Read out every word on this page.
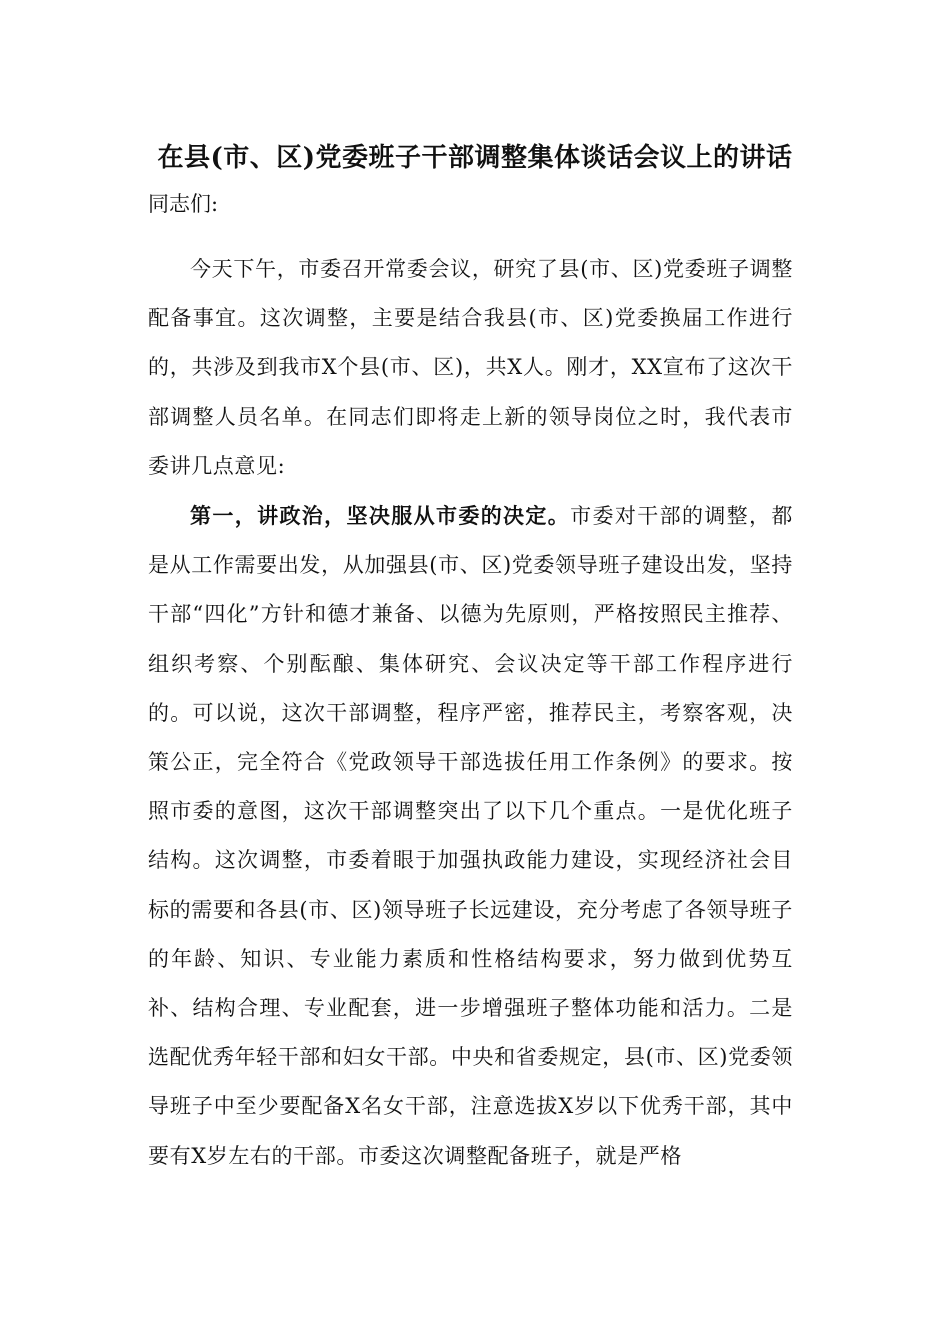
在县(市、区)党委班子干部调整集体谈话会议上的讲话

同志们:

今天下午，市委召开常委会议，研究了县(市、区)党委班子调整配备事宜。这次调整，主要是结合我县(市、区)党委换届工作进行的，共涉及到我市X个县(市、区)，共X人。刚才，XX宣布了这次干部调整人员名单。在同志们即将走上新的领导岗位之时，我代表市委讲几点意见:

第一，讲政治，坚决服从市委的决定。市委对干部的调整，都是从工作需要出发，从加强县(市、区)党委领导班子建设出发，坚持干部“四化”方针和德才兼备、以德为先原则，严格按照民主推荐、组织考察、个别酝酿、集体研究、会议决定等干部工作程序进行的。可以说，这次干部调整，程序严密，推荐民主，考察客观，决策公正，完全符合《党政领导干部选拔任用工作条例》的要求。按照市委的意图，这次干部调整突出了以下几个重点。一是优化班子结构。这次调整，市委着眼于加强执政能力建设，实现经济社会目标的需要和各县(市、区)领导班子长远建设，充分考虑了各领导班子的年龄、知识、专业能力素质和性格结构要求，努力做到优势互补、结构合理、专业配套，进一步增强班子整体功能和活力。二是选配优秀年轻干部和妇女干部。中央和省委规定，县(市、区)党委领导班子中至少要配备X名女干部，注意选拔X岁以下优秀干部，其中要有X岁左右的干部。市委这次调整配备班子，就是严格
